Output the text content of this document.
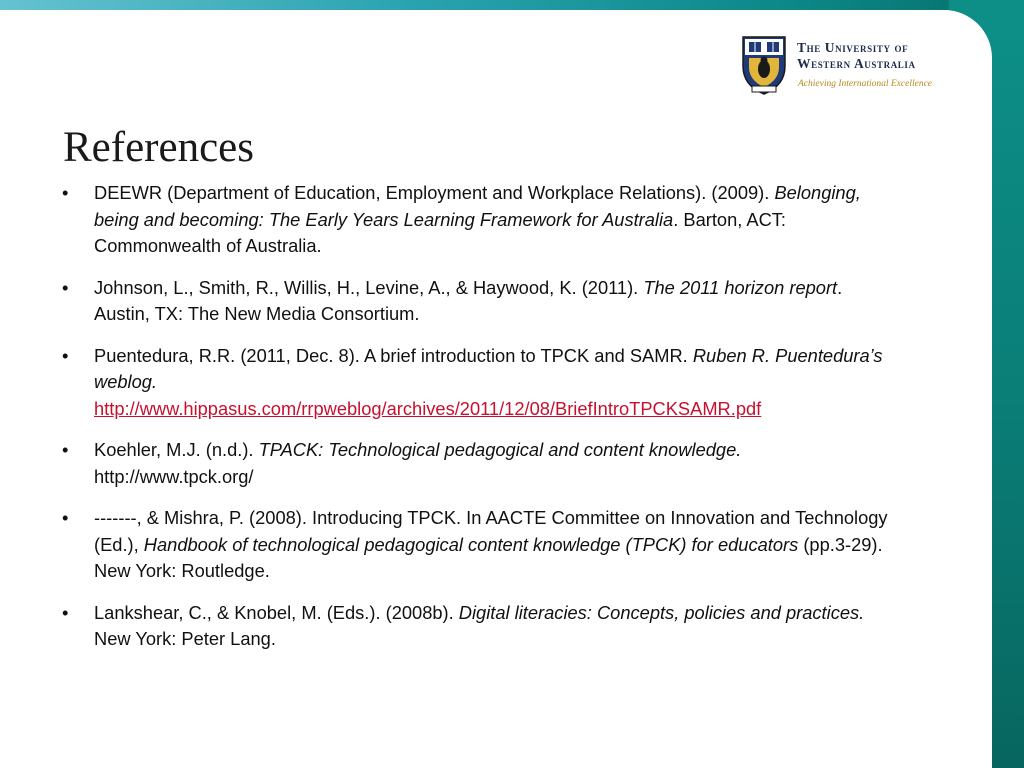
The University of
Western Australia
Achieving International Excellence
References
• DEEWR (Department of Education, Employment and Workplace Relations). (2009). Belonging, being and becoming: The Early Years Learning Framework for Australia. Barton, ACT: Commonwealth of Australia.
• Johnson, L., Smith, R., Willis, H., Levine, A., & Haywood, K. (2011). The 2011 horizon report. Austin, TX: The New Media Consortium.
• Puentedura, R.R. (2011, Dec. 8). A brief introduction to TPCK and SAMR. Ruben R. Puentedura’s weblog.
http://www.hippasus.com/rrpweblog/archives/2011/12/08/BriefIntroTPCKSAMR.pdf
• Koehler, M.J. (n.d.). TPACK: Technological pedagogical and content knowledge. http://www.tpck.org/
• -------, & Mishra, P. (2008). Introducing TPCK. In AACTE Committee on Innovation and Technology (Ed.), Handbook of technological pedagogical content knowledge (TPCK) for educators (pp.3-29). New York: Routledge.
• Lankshear, C., & Knobel, M. (Eds.). (2008b). Digital literacies: Concepts, policies and practices. New York: Peter Lang.
